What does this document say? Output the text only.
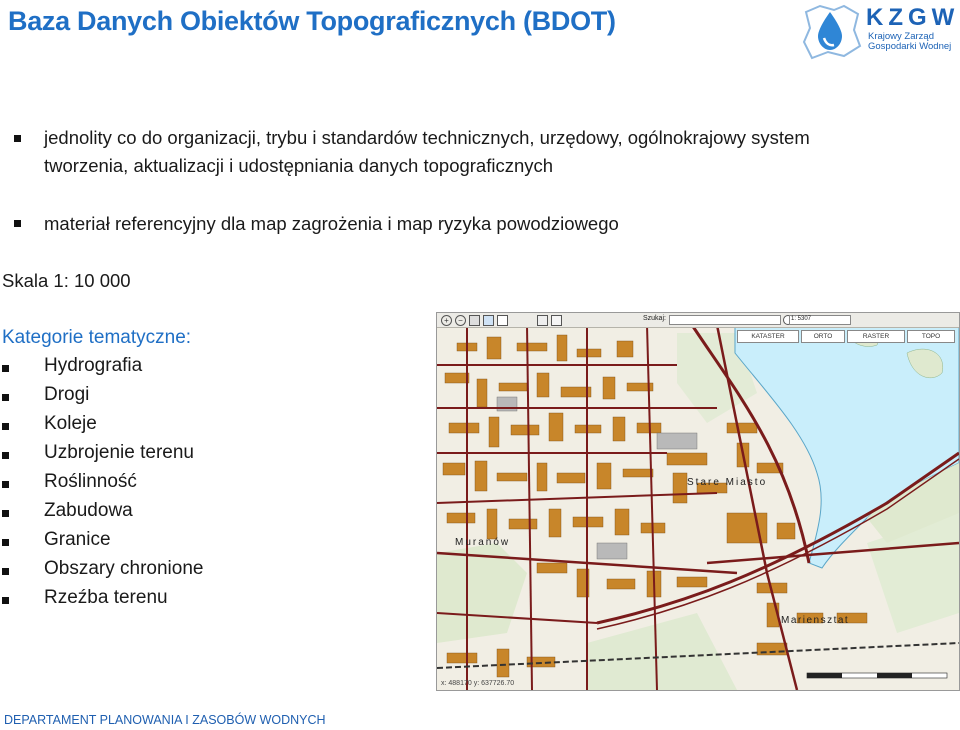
Baza Danych Obiektów Topograficznych (BDOT)	KZGW
Krajowy Zarząd
Gospodarki Wodnej
jednolity co do organizacji, trybu i standardów technicznych, urzędowy, ogólnokrajowy system
tworzenia, aktualizacji i udostępniania danych topograficznych
materiał referencyjny dla map zagrożenia i map ryzyka powodziowego
Skala 1: 10 000
Kategorie tematyczne:
Hydrografia
Drogi
Koleje
Uzbrojenie terenu
Roślinność
Zabudowa
Granice
Obszary chronione
Rzeźba terenu
Stare Miasto
Muranów
Mariensztat
x: 488170 y: 637726.70
+	−	Szukaj:	1: 5307
KATASTER	ORTO	RASTER	TOPO
DEPARTAMENT PLANOWANIA I ZASOBÓW WODNYCH
